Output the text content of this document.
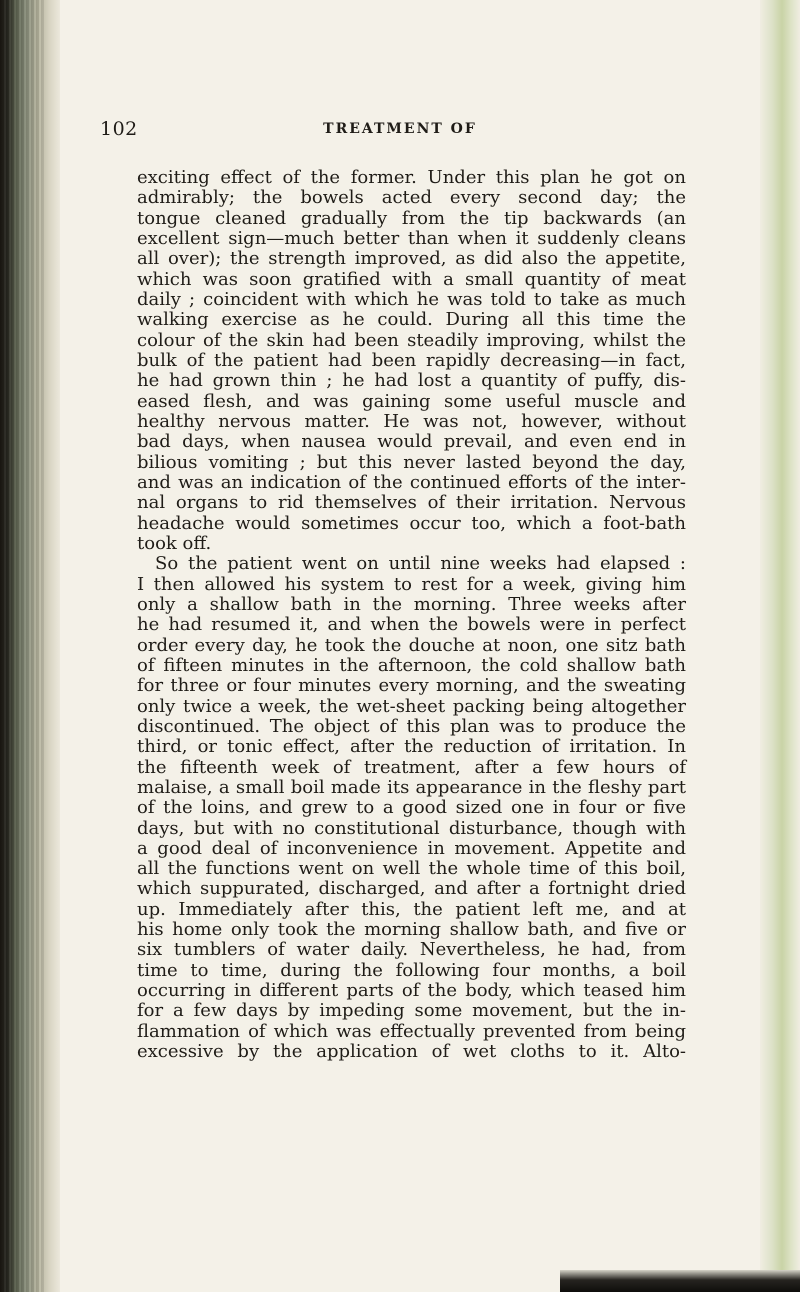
102	TREATMENT OF
exciting effect of the former. Under this plan he got on
admirably; the bowels acted every second day; the
tongue cleaned gradually from the tip backwards (an
excellent sign—much better than when it suddenly cleans
all over); the strength improved, as did also the appetite,
which was soon gratified with a small quantity of meat
daily ; coincident with which he was told to take as much
walking exercise as he could. During all this time the
colour of the skin had been steadily improving, whilst the
bulk of the patient had been rapidly decreasing—in fact,
he had grown thin ; he had lost a quantity of puffy, dis-
eased flesh, and was gaining some useful muscle and
healthy nervous matter. He was not, however, without
bad days, when nausea would prevail, and even end in
bilious vomiting ; but this never lasted beyond the day,
and was an indication of the continued efforts of the inter-
nal organs to rid themselves of their irritation. Nervous
headache would sometimes occur too, which a foot-bath
took off.
So the patient went on until nine weeks had elapsed :
I then allowed his system to rest for a week, giving him
only a shallow bath in the morning. Three weeks after
he had resumed it, and when the bowels were in perfect
order every day, he took the douche at noon, one sitz bath
of fifteen minutes in the afternoon, the cold shallow bath
for three or four minutes every morning, and the sweating
only twice a week, the wet-sheet packing being altogether
discontinued. The object of this plan was to produce the
third, or tonic effect, after the reduction of irritation. In
the fifteenth week of treatment, after a few hours of
malaise, a small boil made its appearance in the fleshy part
of the loins, and grew to a good sized one in four or five
days, but with no constitutional disturbance, though with
a good deal of inconvenience in movement. Appetite and
all the functions went on well the whole time of this boil,
which suppurated, discharged, and after a fortnight dried
up. Immediately after this, the patient left me, and at
his home only took the morning shallow bath, and five or
six tumblers of water daily. Nevertheless, he had, from
time to time, during the following four months, a boil
occurring in different parts of the body, which teased him
for a few days by impeding some movement, but the in-
flammation of which was effectually prevented from being
excessive by the application of wet cloths to it. Alto-
